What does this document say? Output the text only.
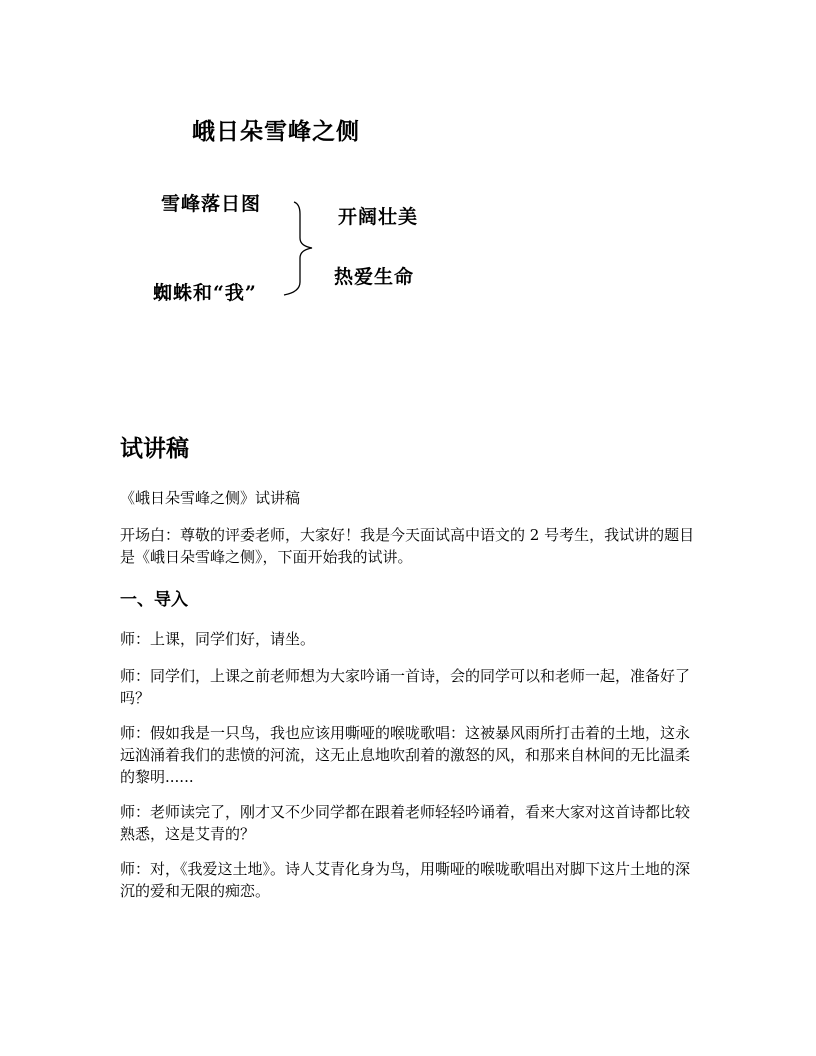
峨日朵雪峰之侧
雪峰落日图
蜘蛛和“我”
开阔壮美
热爱生命
试讲稿

《峨日朵雪峰之侧》试讲稿

开场白：尊敬的评委老师，大家好！我是今天面试高中语文的 2 号考生，我试讲的题目是《峨日朵雪峰之侧》，下面开始我的试讲。

一、导入

师：上课，同学们好，请坐。

师：同学们，上课之前老师想为大家吟诵一首诗，会的同学可以和老师一起，准备好了吗？

师：假如我是一只鸟，我也应该用嘶哑的喉咙歌唱：这被暴风雨所打击着的土地，这永远汹涌着我们的悲愤的河流，这无止息地吹刮着的激怒的风，和那来自林间的无比温柔的黎明......

师：老师读完了，刚才又不少同学都在跟着老师轻轻吟诵着，看来大家对这首诗都比较熟悉，这是艾青的？

师：对，《我爱这土地》。诗人艾青化身为鸟，用嘶哑的喉咙歌唱出对脚下这片土地的深沉的爱和无限的痴恋。
